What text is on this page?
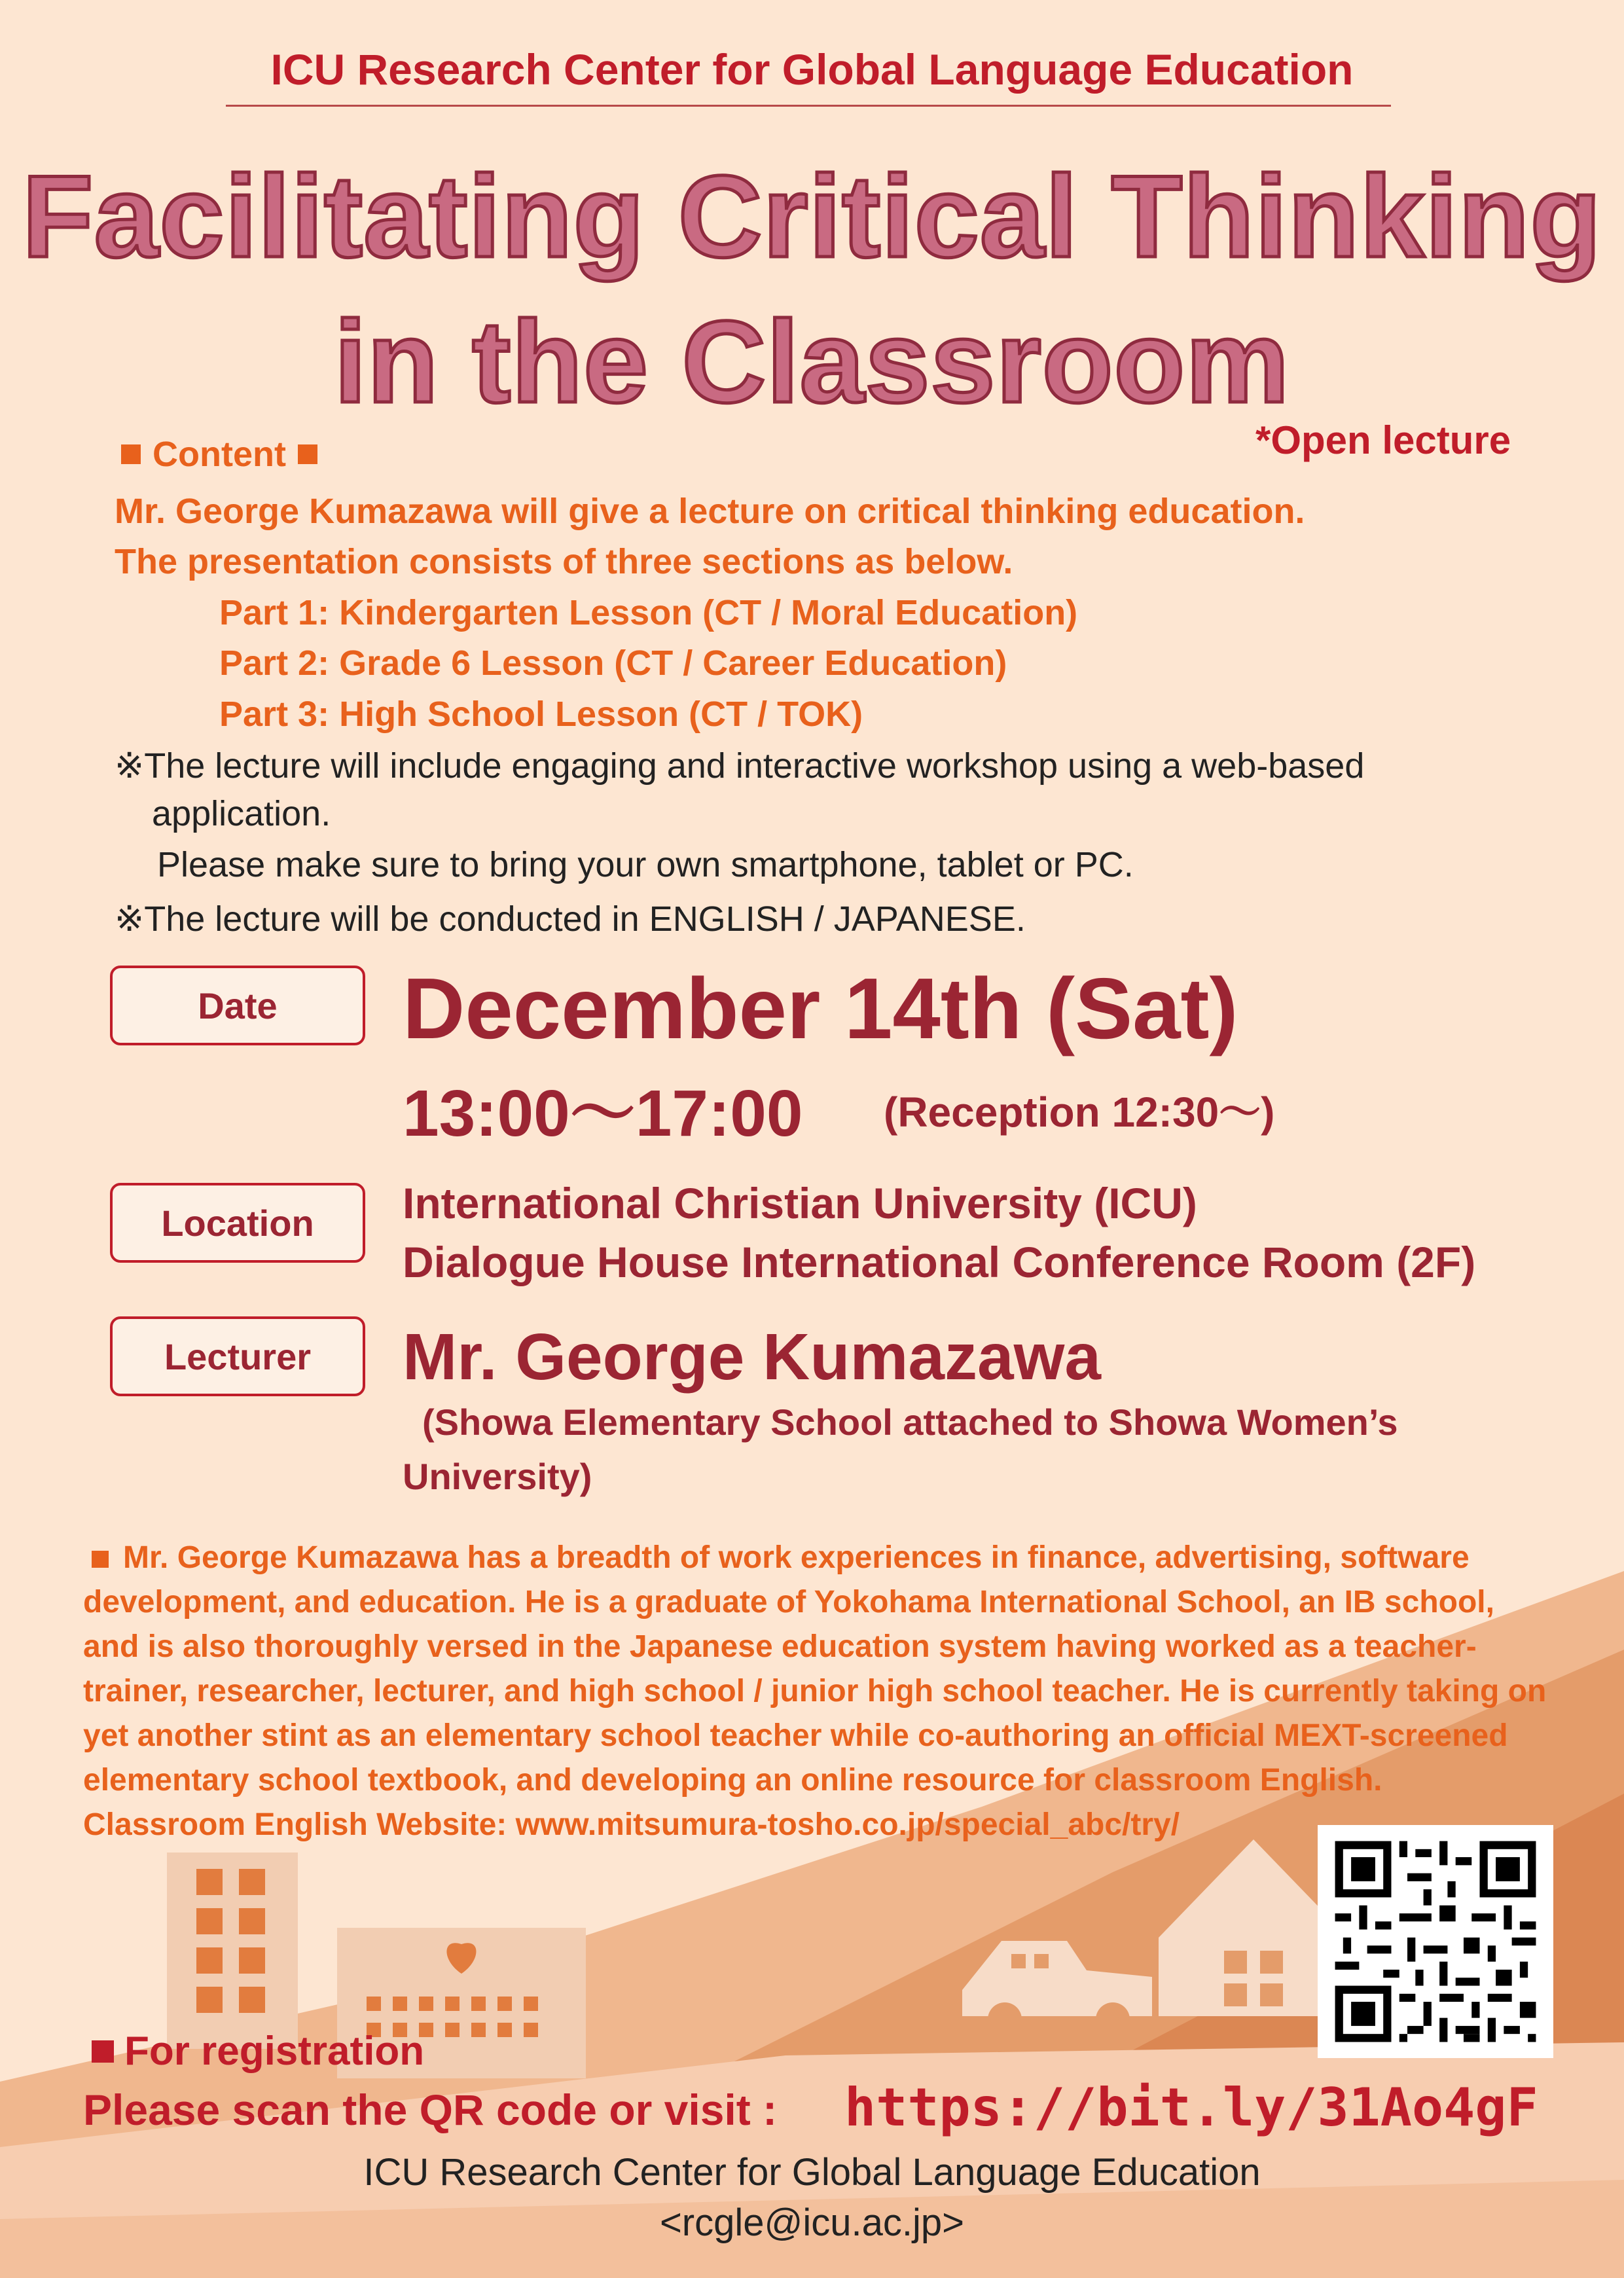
ICU Research Center for Global Language Education
Facilitating Critical Thinking
in the Classroom
*Open lecture
Content
Mr. George Kumazawa will give a lecture on critical thinking education.
The presentation consists of three sections as below.
Part 1: Kindergarten Lesson (CT / Moral Education)
Part 2: Grade 6 Lesson (CT / Career Education)
Part 3: High School Lesson (CT / TOK)
※The lecture will include engaging and interactive workshop using a web-based
application.
Please make sure to bring your own smartphone, tablet or PC.
※The lecture will be conducted in ENGLISH / JAPANESE.
Date	December 14th (Sat)
13:00～17:00 (Reception 12:30～)
Location	International Christian University (ICU)
Dialogue House International Conference Room (2F)
Lecturer	Mr. George Kumazawa
(Showa Elementary School attached to Showa Women’s
University)
Mr. George Kumazawa has a breadth of work experiences in finance, advertising, software
development, and education. He is a graduate of Yokohama International School, an IB school,
and is also thoroughly versed in the Japanese education system having worked as a teacher-
trainer, researcher, lecturer, and high school / junior high school teacher. He is currently taking on
yet another stint as an elementary school teacher while co-authoring an official MEXT-screened
elementary school textbook, and developing an online resource for classroom English.
Classroom English Website: www.mitsumura-tosho.co.jp/special_abc/try/
For registration
Please scan the QR code or visit : https://bit.ly/31Ao4gF
ICU Research Center for Global Language Education
<rcgle@icu.ac.jp>
